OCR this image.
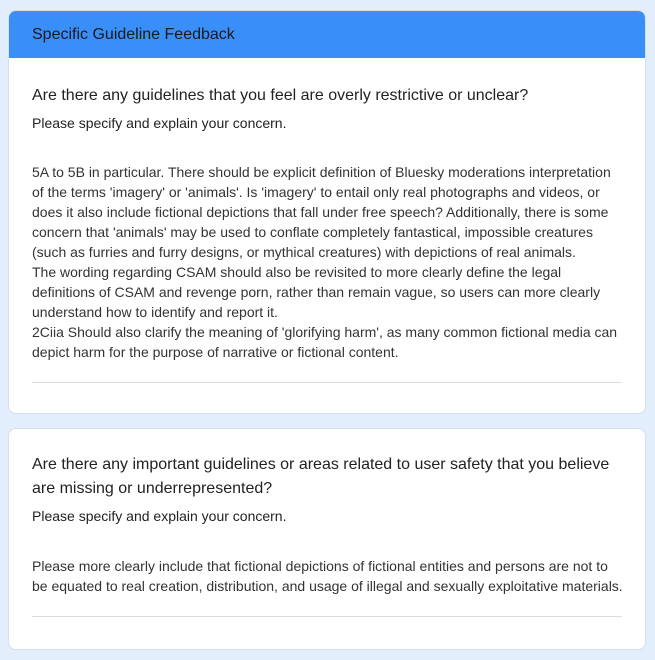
Specific Guideline Feedback

Are there any guidelines that you feel are overly restrictive or unclear?

Please specify and explain your concern.

5A to 5B in particular. There should be explicit definition of Bluesky moderations interpretation of the terms 'imagery' or 'animals'. Is 'imagery' to entail only real photographs and videos, or does it also include fictional depictions that fall under free speech? Additionally, there is some concern that 'animals' may be used to conflate completely fantastical, impossible creatures (such as furries and furry designs, or mythical creatures) with depictions of real animals.
The wording regarding CSAM should also be revisited to more clearly define the legal definitions of CSAM and revenge porn, rather than remain vague, so users can more clearly understand how to identify and report it.
2Ciia Should also clarify the meaning of 'glorifying harm', as many common fictional media can depict harm for the purpose of narrative or fictional content.

Are there any important guidelines or areas related to user safety that you believe are missing or underrepresented?

Please specify and explain your concern.

Please more clearly include that fictional depictions of fictional entities and persons are not to be equated to real creation, distribution, and usage of illegal and sexually exploitative materials.
